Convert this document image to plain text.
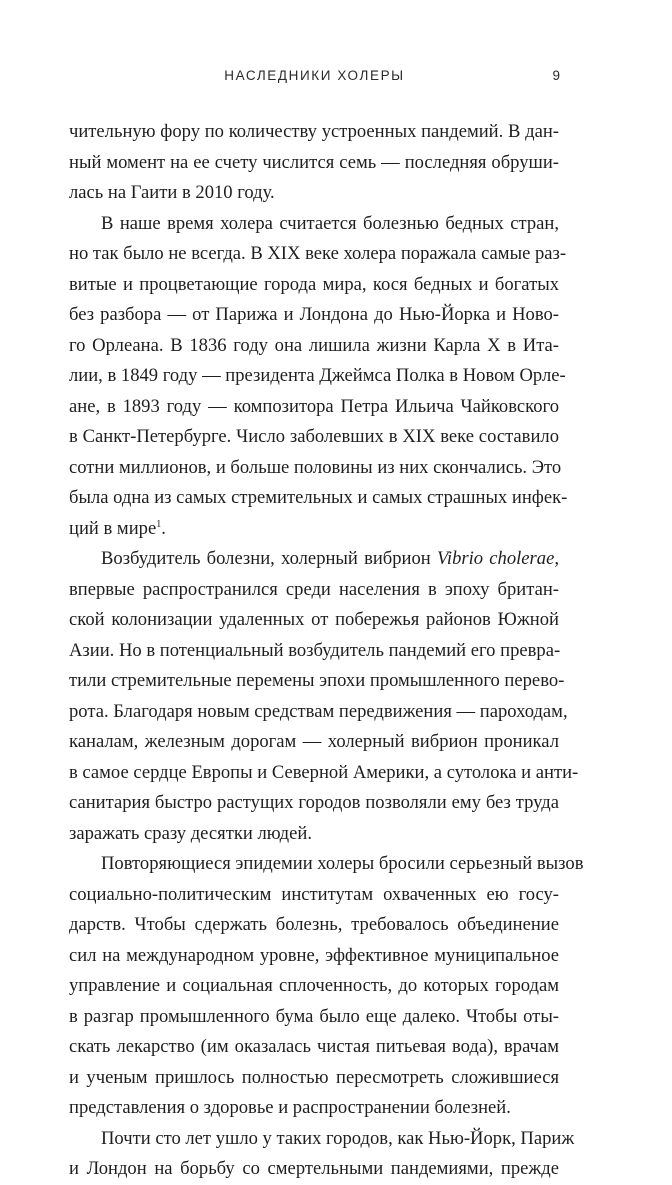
НАСЛЕДНИКИ ХОЛЕРЫ	9
чительную фору по количеству устроенных пандемий. В дан-
ный момент на ее счету числится семь — последняя обруши-
лась на Гаити в 2010 году.
В наше время холера считается болезнью бедных стран,
но так было не всегда. В XIX веке холера поражала самые раз-
витые и процветающие города мира, кося бедных и богатых
без разбора — от Парижа и Лондона до Нью-Йорка и Ново-
го Орлеана. В 1836 году она лишила жизни Карла X в Ита-
лии, в 1849 году — президента Джеймса Полка в Новом Орле-
ане, в 1893 году — композитора Петра Ильича Чайковского
в Санкт-Петербурге. Число заболевших в XIX веке составило
сотни миллионов, и больше половины из них скончались. Это
была одна из самых стремительных и самых страшных инфек-
ций в мире$^1$.
Возбудитель болезни, холерный вибрион Vibrio cholerae,
впервые распространился среди населения в эпоху британ-
ской колонизации удаленных от побережья районов Южной
Азии. Но в потенциальный возбудитель пандемий его преврa-
тили стремительные перемены эпохи промышленного перево-
рота. Благодаря новым средствам передвижения — пароходам,
каналам, железным дорогам — холерный вибрион проникал
в самое сердце Европы и Северной Америки, а сутолока и анти-
санитария быстро растущих городов позволяли ему без труда
заражать сразу десятки людей.
Повторяющиеся эпидемии холеры бросили серьезный вызов
социально-политическим институтам охваченных ею госу-
дарств. Чтобы сдержать болезнь, требовалось объединение
сил на международном уровне, эффективное муниципальное
управление и социальная сплоченность, до которых городам
в разгар промышленного бума было еще далеко. Чтобы оты-
скать лекарство (им оказалась чистая питьевая вода), врачам
и ученым пришлось полностью пересмотреть сложившиеся
представления о здоровье и распространении болезней.
Почти сто лет ушло у таких городов, как Нью-Йорк, Париж
и Лондон на борьбу со смертельными пандемиями, прежде
